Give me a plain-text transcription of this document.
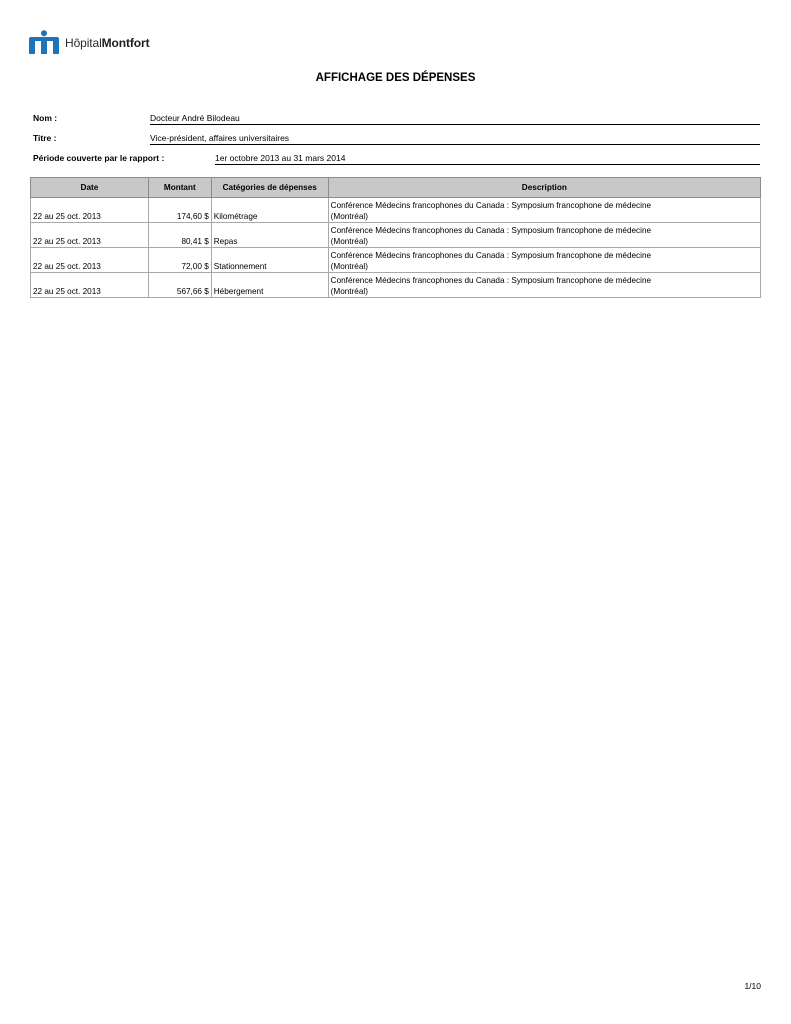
HôpitalMontfort
AFFICHAGE DES DÉPENSES
Nom :	Docteur André Bilodeau
Titre :	Vice-président, affaires universitaires
Période couverte par le rapport :	1er octobre 2013 au 31 mars 2014
Date	Montant	Catégories de dépenses	Description
22 au 25 oct. 2013	174,60 $	Kilométrage	Conférence Médecins francophones du Canada : Symposium francophone de médecine
(Montréal)

22 au 25 oct. 2013	80,41 $	Repas	Conférence Médecins francophones du Canada : Symposium francophone de médecine
(Montréal)

22 au 25 oct. 2013	72,00 $	Stationnement	Conférence Médecins francophones du Canada : Symposium francophone de médecine
(Montréal)

22 au 25 oct. 2013	567,66 $	Hébergement	Conférence Médecins francophones du Canada : Symposium francophone de médecine
(Montréal)
1/10
